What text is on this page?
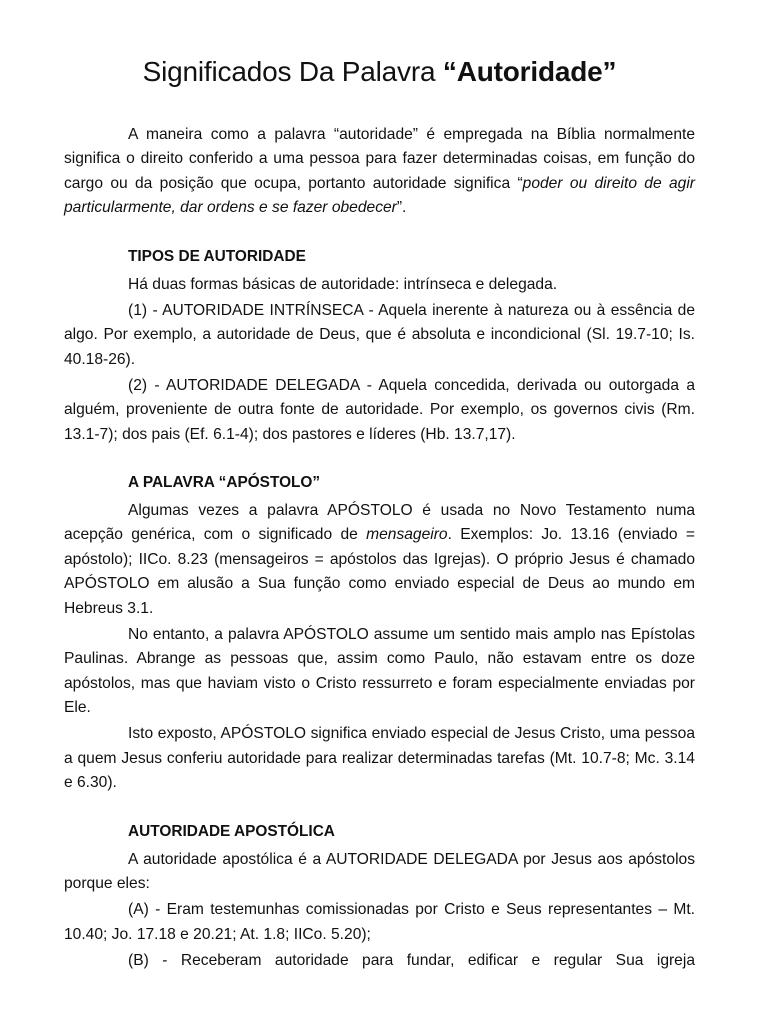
Significados Da Palavra “Autoridade”

A maneira como a palavra “autoridade” é empregada na Bíblia normalmente significa o direito conferido a uma pessoa para fazer determinadas coisas, em função do cargo ou da posição que ocupa, portanto autoridade significa “poder ou direito de agir particularmente, dar ordens e se fazer obedecer”.

TIPOS DE AUTORIDADE

Há duas formas básicas de autoridade: intrínseca e delegada.

(1) - AUTORIDADE INTRÍNSECA - Aquela inerente à natureza ou à essência de algo. Por exemplo, a autoridade de Deus, que é absoluta e incondicional (Sl. 19.7-10; Is. 40.18-26).

(2) - AUTORIDADE DELEGADA - Aquela concedida, derivada ou outorgada a alguém, proveniente de outra fonte de autoridade. Por exemplo, os governos civis (Rm. 13.1-7); dos pais (Ef. 6.1-4); dos pastores e líderes (Hb. 13.7,17).

A PALAVRA “APÓSTOLO”

Algumas vezes a palavra APÓSTOLO é usada no Novo Testamento numa acepção genérica, com o significado de mensageiro. Exemplos: Jo. 13.16 (enviado = apóstolo); IICo. 8.23 (mensageiros = apóstolos das Igrejas). O próprio Jesus é chamado APÓSTOLO em alusão a Sua função como enviado especial de Deus ao mundo em Hebreus 3.1.

No entanto, a palavra APÓSTOLO assume um sentido mais amplo nas Epístolas Paulinas. Abrange as pessoas que, assim como Paulo, não estavam entre os doze apóstolos, mas que haviam visto o Cristo ressurreto e foram especialmente enviadas por Ele.

Isto exposto, APÓSTOLO significa enviado especial de Jesus Cristo, uma pessoa a quem Jesus conferiu autoridade para realizar determinadas tarefas (Mt. 10.7-8; Mc. 3.14 e 6.30).

AUTORIDADE APOSTÓLICA

A autoridade apostólica é a AUTORIDADE DELEGADA por Jesus aos apóstolos porque eles:

(A) - Eram testemunhas comissionadas por Cristo e Seus representantes – Mt. 10.40; Jo. 17.18 e 20.21; At. 1.8; IICo. 5.20);

(B) - Receberam autoridade para fundar, edificar e regular Sua igreja
